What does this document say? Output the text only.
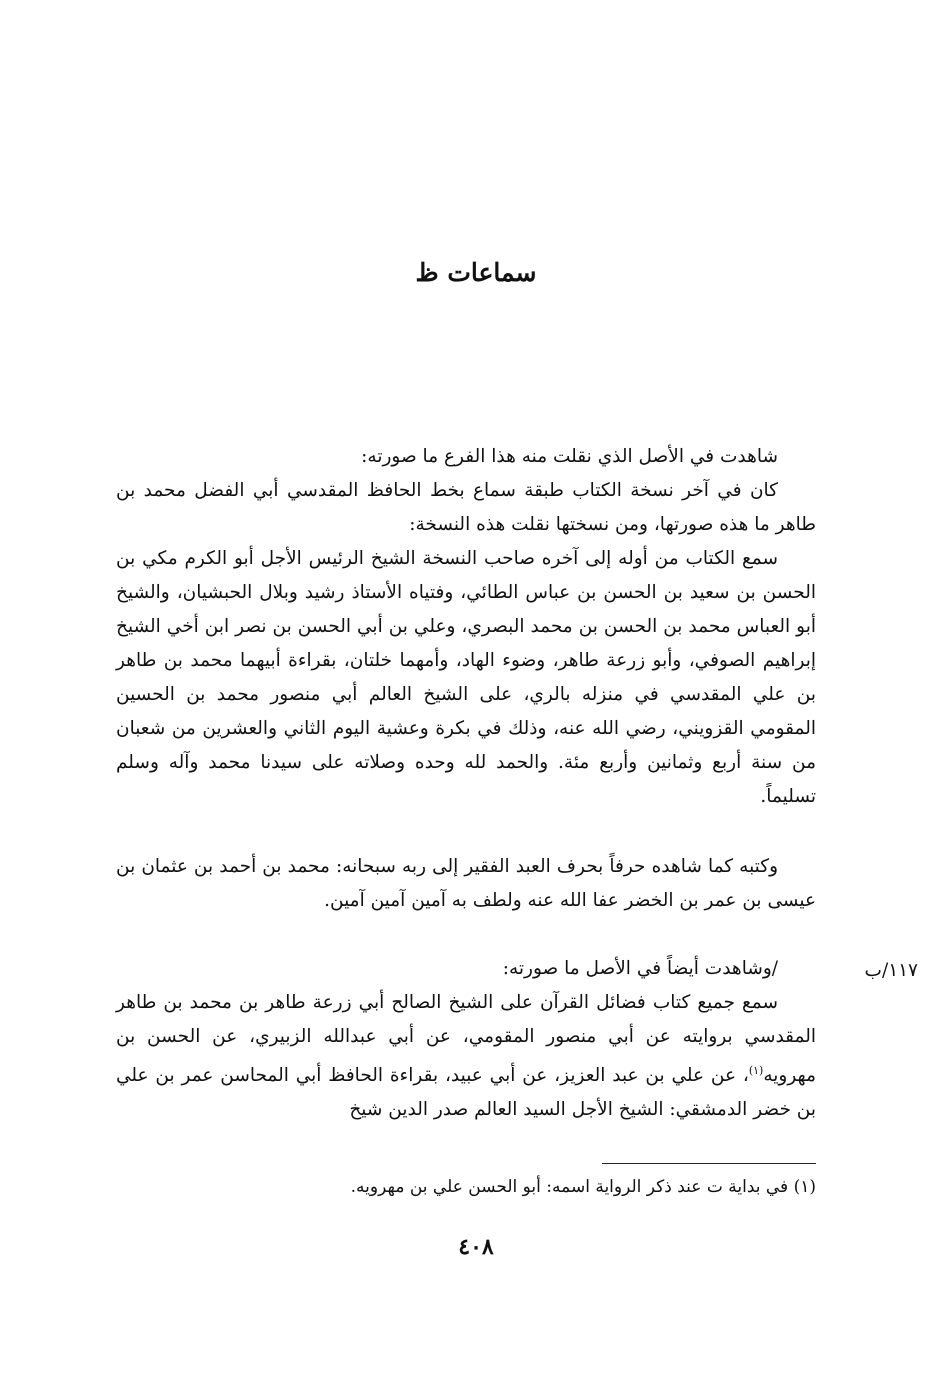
سماعات ظ

شاهدت في الأصل الذي نقلت منه هذا الفرع ما صورته:

كان في آخر نسخة الكتاب طبقة سماع بخط الحافظ المقدسي أبي الفضل محمد بن طاهر ما هذه صورتها، ومن نسختها نقلت هذه النسخة:

سمع الكتاب من أوله إلى آخره صاحب النسخة الشيخ الرئيس الأجل أبو الكرم مكي بن الحسن بن سعيد بن الحسن بن عباس الطائي، وفتياه الأستاذ رشيد وبلال الحبشيان، والشيخ أبو العباس محمد بن الحسن بن محمد البصري، وعلي بن أبي الحسن بن نصر ابن أخي الشيخ إبراهيم الصوفي، وأبو زرعة طاهر، وضوء الهاد، وأمهما خلتان، بقراءة أبيهما محمد بن طاهر بن علي المقدسي في منزله بالري، على الشيخ العالم أبي منصور محمد بن الحسين المقومي القزويني، رضي الله عنه، وذلك في بكرة وعشية اليوم الثاني والعشرين من شعبان من سنة أربع وثمانين وأربع مئة. والحمد لله وحده وصلاته على سيدنا محمد وآله وسلم تسليماً.

وكتبه كما شاهده حرفاً بحرف العبد الفقير إلى ربه سبحانه: محمد بن أحمد بن عثمان بن عيسى بن عمر بن الخضر عفا الله عنه ولطف به آمين آمين آمين.

١١٧/ب

/وشاهدت أيضاً في الأصل ما صورته:

سمع جميع كتاب فضائل القرآن على الشيخ الصالح أبي زرعة طاهر بن محمد بن طاهر المقدسي بروايته عن أبي منصور المقومي، عن أبي عبدالله الزبيري، عن الحسن بن مهرويه$^{(١)}$، عن علي بن عبد العزيز، عن أبي عبيد، بقراءة الحافظ أبي المحاسن عمر بن علي بن خضر الدمشقي: الشيخ الأجل السيد العالم صدر الدين شيخ

(١) في بداية ت عند ذكر الرواية اسمه: أبو الحسن علي بن مهرويه.
٤٠٨
